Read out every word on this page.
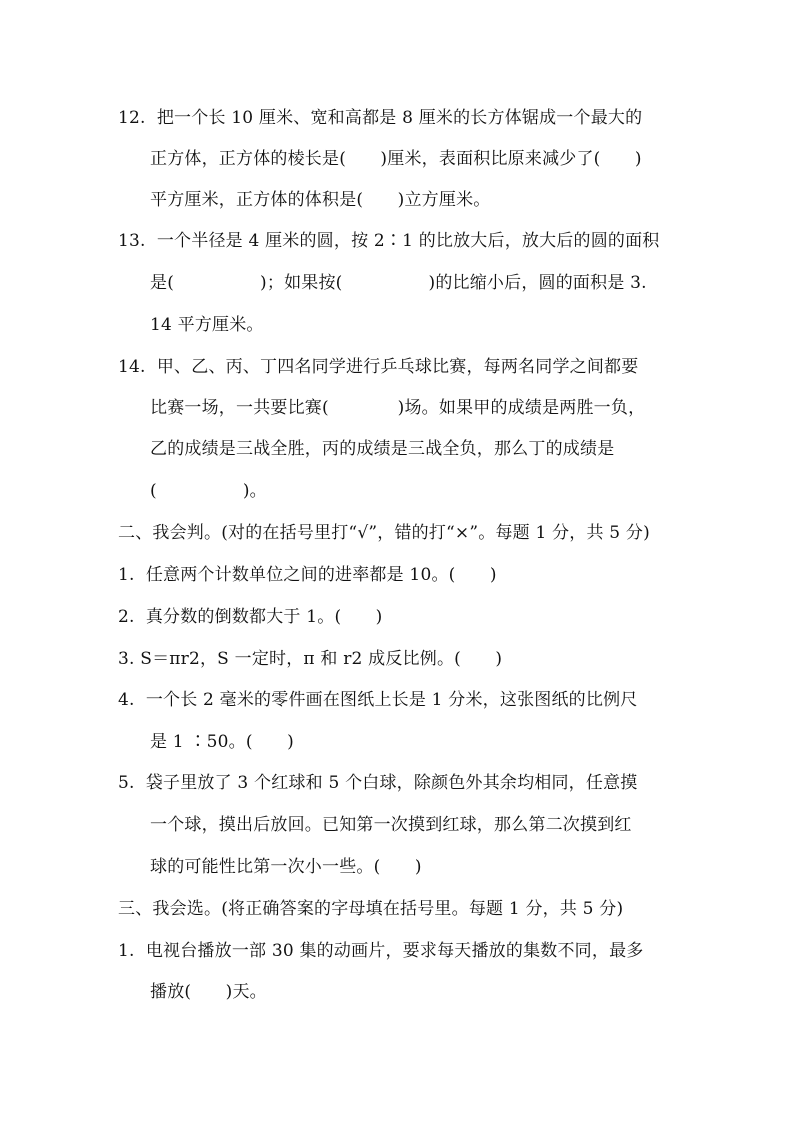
12.  把一个长 10 厘米、宽和高都是 8 厘米的长方体锯成一个最大的
正方体，正方体的棱长是(　　)厘米，表面积比原来减少了(　　)
平方厘米，正方体的体积是(　　)立方厘米。
13.  一个半径是 4 厘米的圆，按 2∶1 的比放大后，放大后的圆的面积
是(　　　　　)；如果按(　　　　　)的比缩小后，圆的面积是 3.
14 平方厘米。
14.  甲、乙、丙、丁四名同学进行乒乓球比赛，每两名同学之间都要
比赛一场，一共要比赛(　　　　)场。如果甲的成绩是两胜一负，
乙的成绩是三战全胜，丙的成绩是三战全负，那么丁的成绩是
(　　　　　)。
二、我会判。(对的在括号里打“√”，错的打“×”。每题 1 分，共 5 分)
1.  任意两个计数单位之间的进率都是 10。(　　)
2.  真分数的倒数都大于 1。(　　)
3. S＝πr2，S 一定时，π 和 r2 成反比例。(　　)
4.  一个长 2 毫米的零件画在图纸上长是 1 分米，这张图纸的比例尺
是 1 ∶50。(　　)
5.  袋子里放了 3 个红球和 5 个白球，除颜色外其余均相同，任意摸
一个球，摸出后放回。已知第一次摸到红球，那么第二次摸到红
球的可能性比第一次小一些。(　　)
三、我会选。(将正确答案的字母填在括号里。每题 1 分，共 5 分)
1.  电视台播放一部 30 集的动画片，要求每天播放的集数不同，最多
播放(　　)天。
